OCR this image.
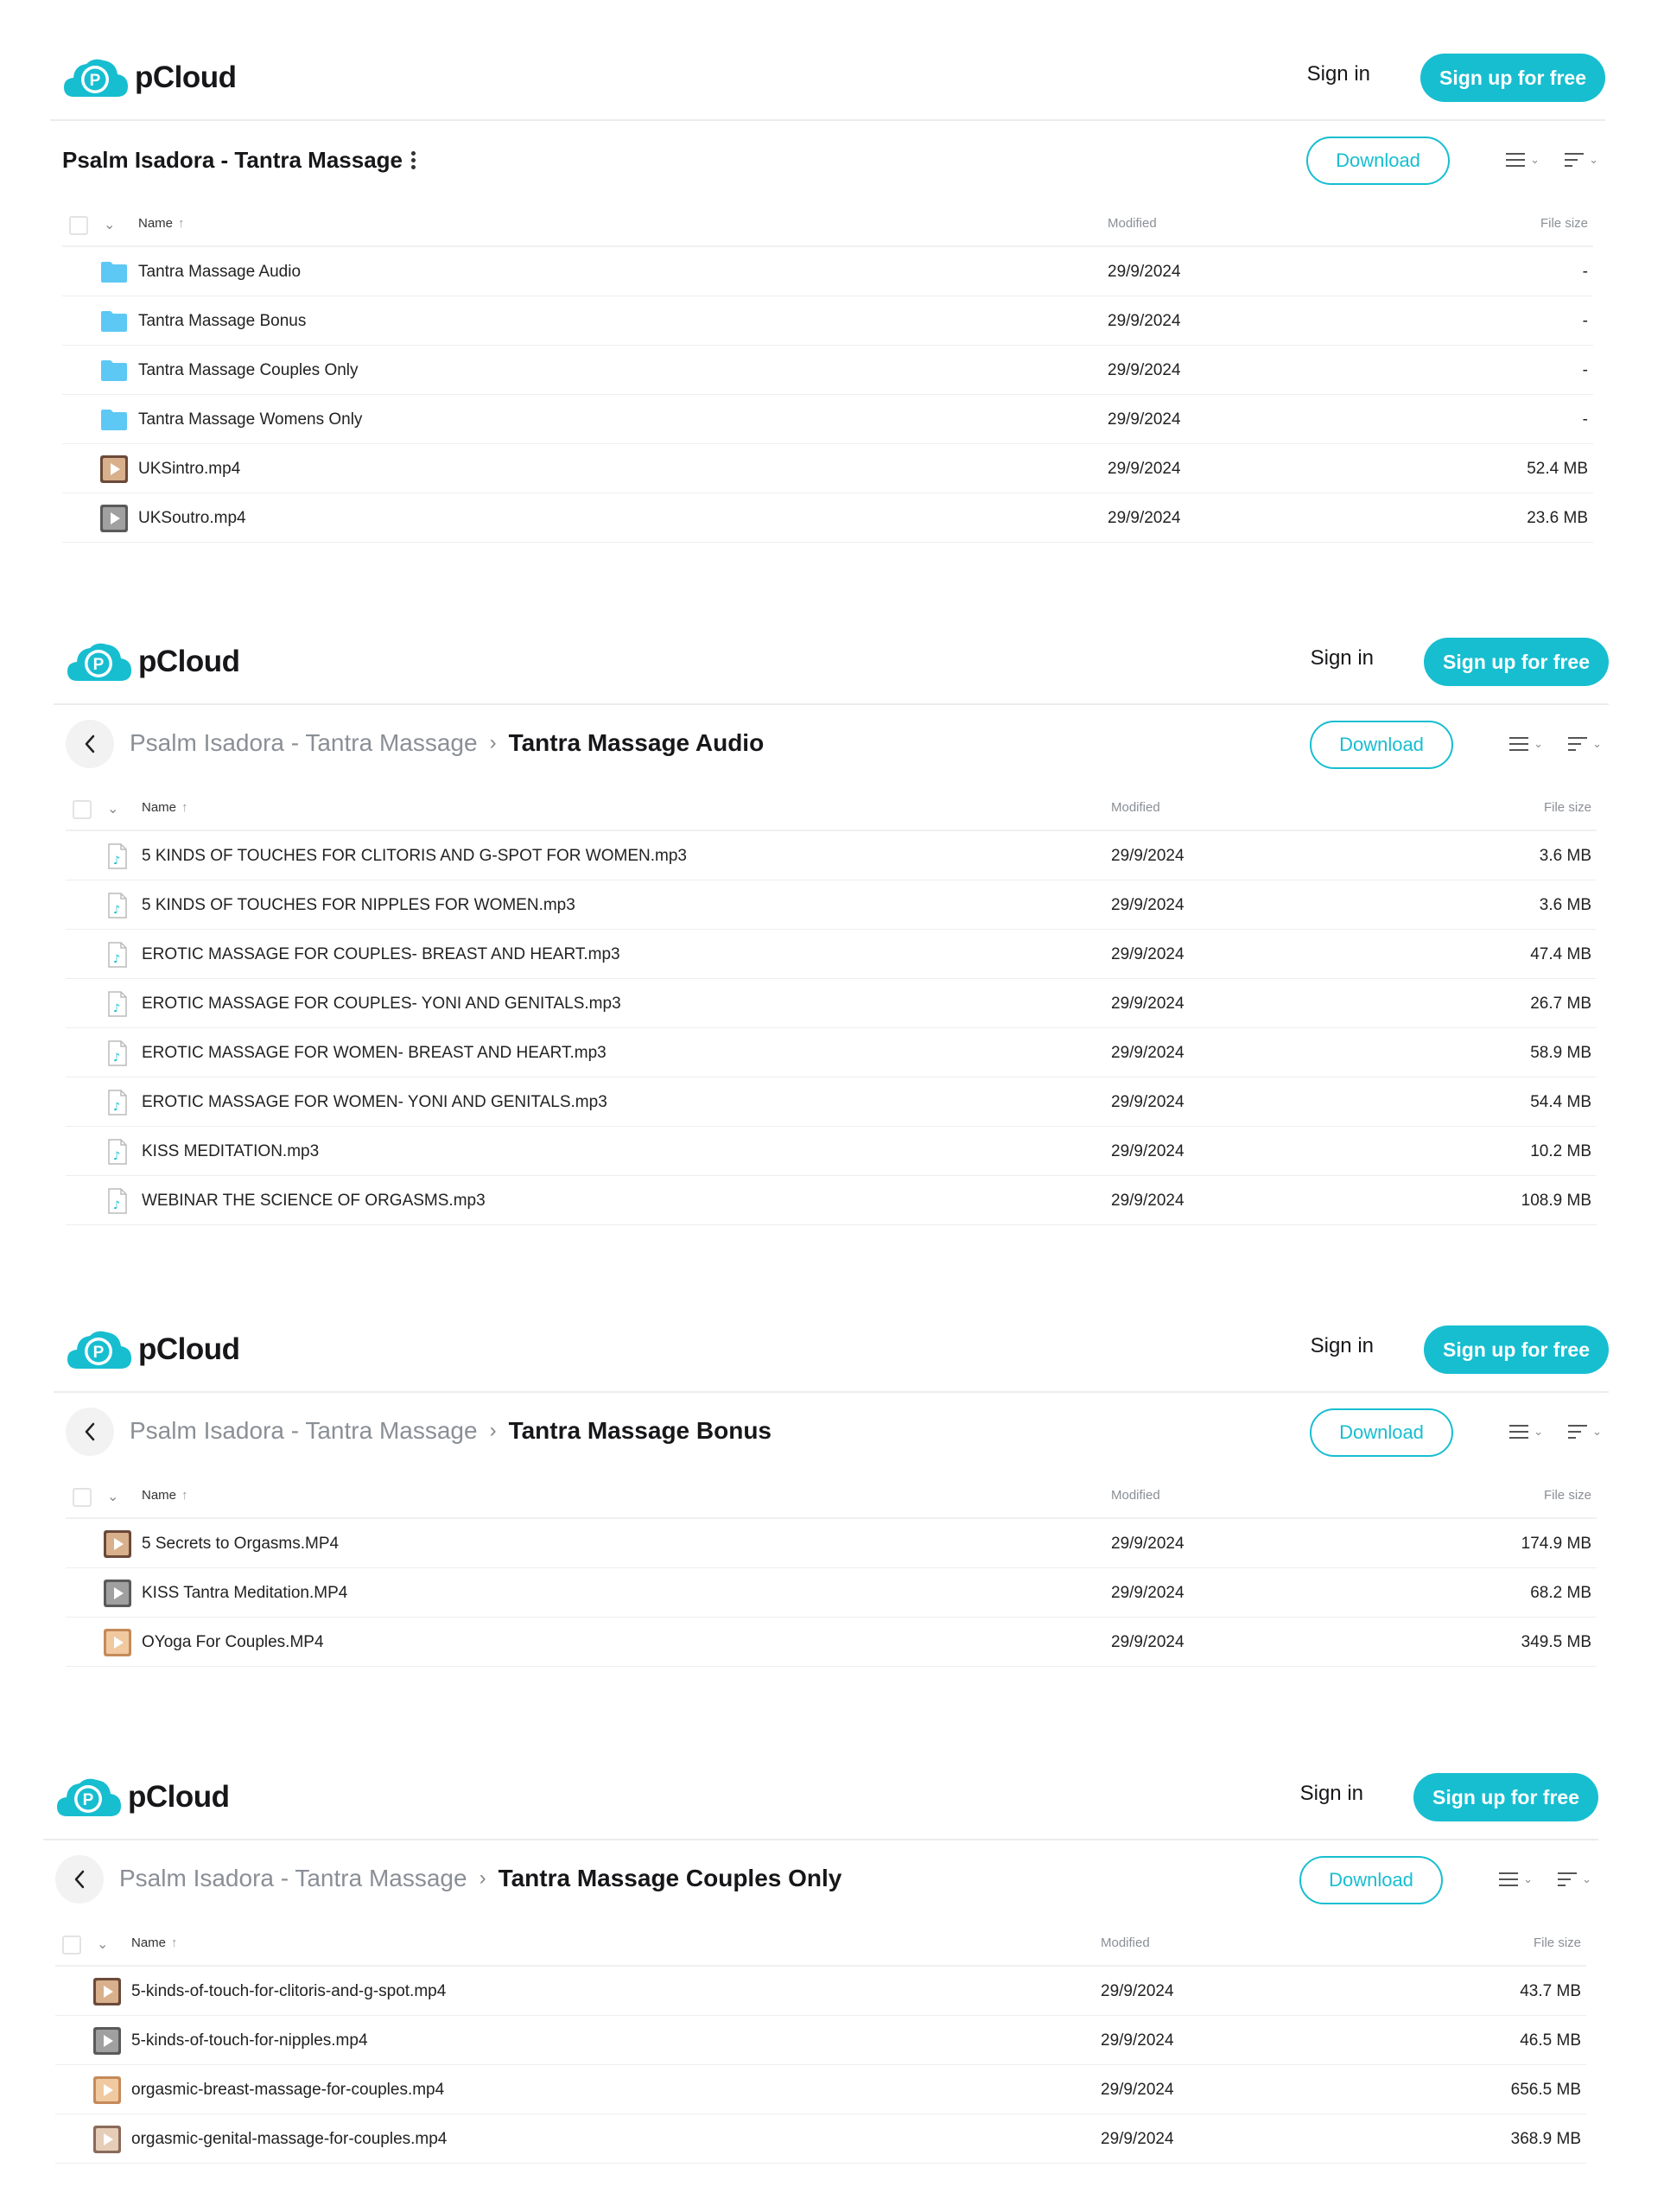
P pCloud	Sign in	Sign up for free
Psalm Isadora - Tantra Massage	Download	⌄	⌄
⌄ Name ↑	Modified	File size
Tantra Massage Audio	29/9/2024	-
Tantra Massage Bonus	29/9/2024	-
Tantra Massage Couples Only	29/9/2024	-
Tantra Massage Womens Only	29/9/2024	-
UKSintro.mp4	29/9/2024	52.4 MB
UKSoutro.mp4	29/9/2024	23.6 MB
P pCloud	Sign in	Sign up for free
Psalm Isadora - Tantra Massage › Tantra Massage Audio	Download	⌄	⌄
⌄ Name ↑	Modified	File size
♪ 5 KINDS OF TOUCHES FOR CLITORIS AND G-SPOT FOR WOMEN.mp3	29/9/2024	3.6 MB
♪ 5 KINDS OF TOUCHES FOR NIPPLES FOR WOMEN.mp3	29/9/2024	3.6 MB
♪ EROTIC MASSAGE FOR COUPLES- BREAST AND HEART.mp3	29/9/2024	47.4 MB
♪ EROTIC MASSAGE FOR COUPLES- YONI AND GENITALS.mp3	29/9/2024	26.7 MB
♪ EROTIC MASSAGE FOR WOMEN- BREAST AND HEART.mp3	29/9/2024	58.9 MB
♪ EROTIC MASSAGE FOR WOMEN- YONI AND GENITALS.mp3	29/9/2024	54.4 MB
♪ KISS MEDITATION.mp3	29/9/2024	10.2 MB
♪ WEBINAR THE SCIENCE OF ORGASMS.mp3	29/9/2024	108.9 MB
P pCloud	Sign in	Sign up for free
Psalm Isadora - Tantra Massage › Tantra Massage Bonus	Download	⌄	⌄
⌄ Name ↑	Modified	File size
5 Secrets to Orgasms.MP4	29/9/2024	174.9 MB
KISS Tantra Meditation.MP4	29/9/2024	68.2 MB
OYoga For Couples.MP4	29/9/2024	349.5 MB
P pCloud	Sign in	Sign up for free
Psalm Isadora - Tantra Massage › Tantra Massage Couples Only	Download	⌄	⌄
⌄ Name ↑	Modified	File size
5-kinds-of-touch-for-clitoris-and-g-spot.mp4	29/9/2024	43.7 MB
5-kinds-of-touch-for-nipples.mp4	29/9/2024	46.5 MB
orgasmic-breast-massage-for-couples.mp4	29/9/2024	656.5 MB
orgasmic-genital-massage-for-couples.mp4	29/9/2024	368.9 MB
